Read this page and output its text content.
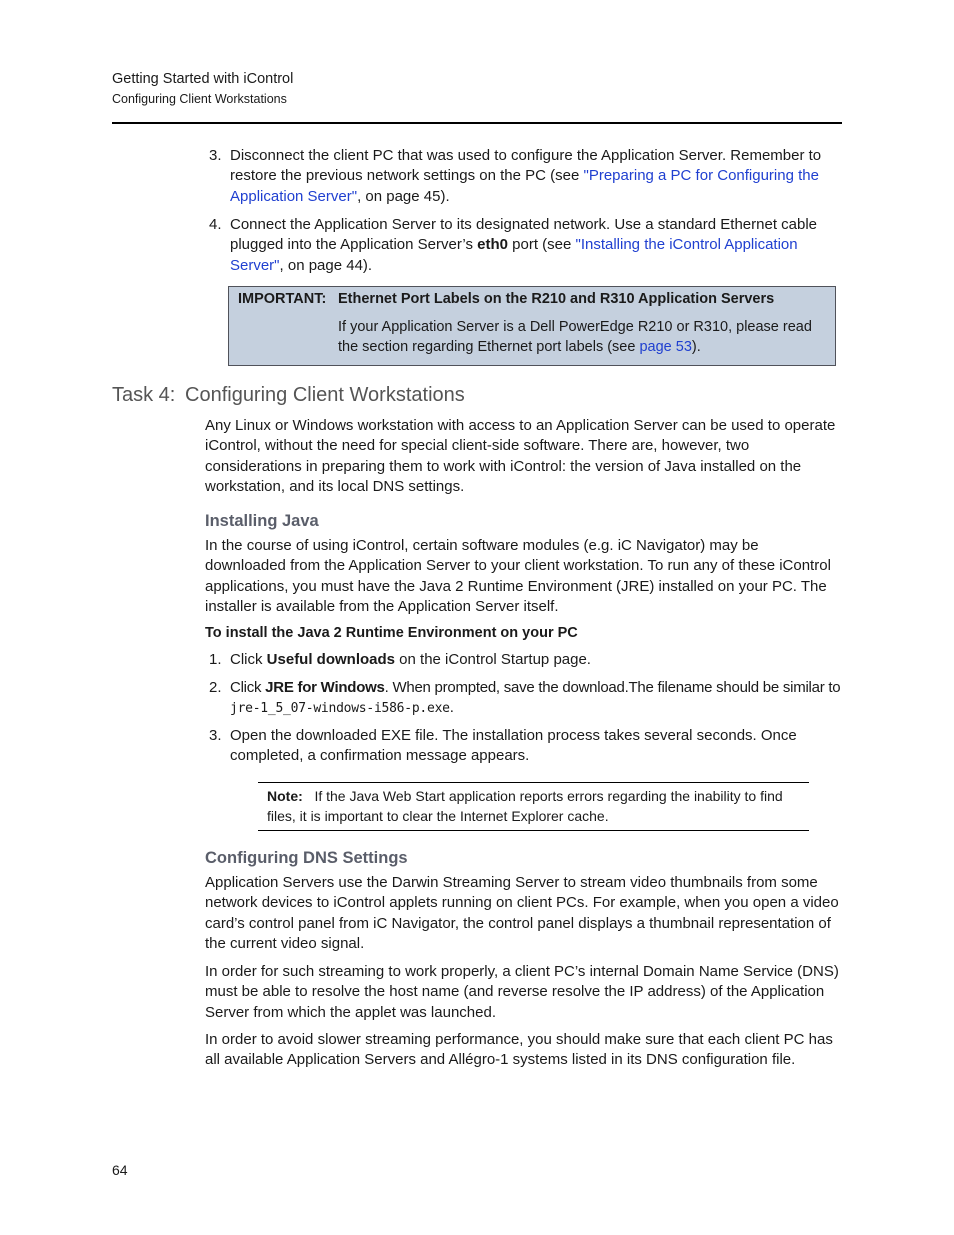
Getting Started with iControl
Configuring Client Workstations
3. Disconnect the client PC that was used to configure the Application Server. Remember to restore the previous network settings on the PC (see "Preparing a PC for Configuring the Application Server", on page 45).
4. Connect the Application Server to its designated network. Use a standard Ethernet cable plugged into the Application Server’s eth0 port (see "Installing the iControl Application Server", on page 44).
IMPORTANT: Ethernet Port Labels on the R210 and R310 Application Servers
If your Application Server is a Dell PowerEdge R210 or R310, please read the section regarding Ethernet port labels (see page 53).
Task 4: Configuring Client Workstations
Any Linux or Windows workstation with access to an Application Server can be used to operate iControl, without the need for special client-side software. There are, however, two considerations in preparing them to work with iControl: the version of Java installed on the workstation, and its local DNS settings.
Installing Java
In the course of using iControl, certain software modules (e.g. iC Navigator) may be downloaded from the Application Server to your client workstation. To run any of these iControl applications, you must have the Java 2 Runtime Environment (JRE) installed on your PC. The installer is available from the Application Server itself.
To install the Java 2 Runtime Environment on your PC
1. Click Useful downloads on the iControl Startup page.
2. Click JRE for Windows. When prompted, save the download.The filename should be similar to jre-1_5_07-windows-i586-p.exe.
3. Open the downloaded EXE file. The installation process takes several seconds. Once completed, a confirmation message appears.
Note: If the Java Web Start application reports errors regarding the inability to find files, it is important to clear the Internet Explorer cache.
Configuring DNS Settings
Application Servers use the Darwin Streaming Server to stream video thumbnails from some network devices to iControl applets running on client PCs. For example, when you open a video card’s control panel from iC Navigator, the control panel displays a thumbnail representation of the current video signal.
In order for such streaming to work properly, a client PC’s internal Domain Name Service (DNS) must be able to resolve the host name (and reverse resolve the IP address) of the Application Server from which the applet was launched.
In order to avoid slower streaming performance, you should make sure that each client PC has all available Application Servers and Allégro-1 systems listed in its DNS configuration file.
64
